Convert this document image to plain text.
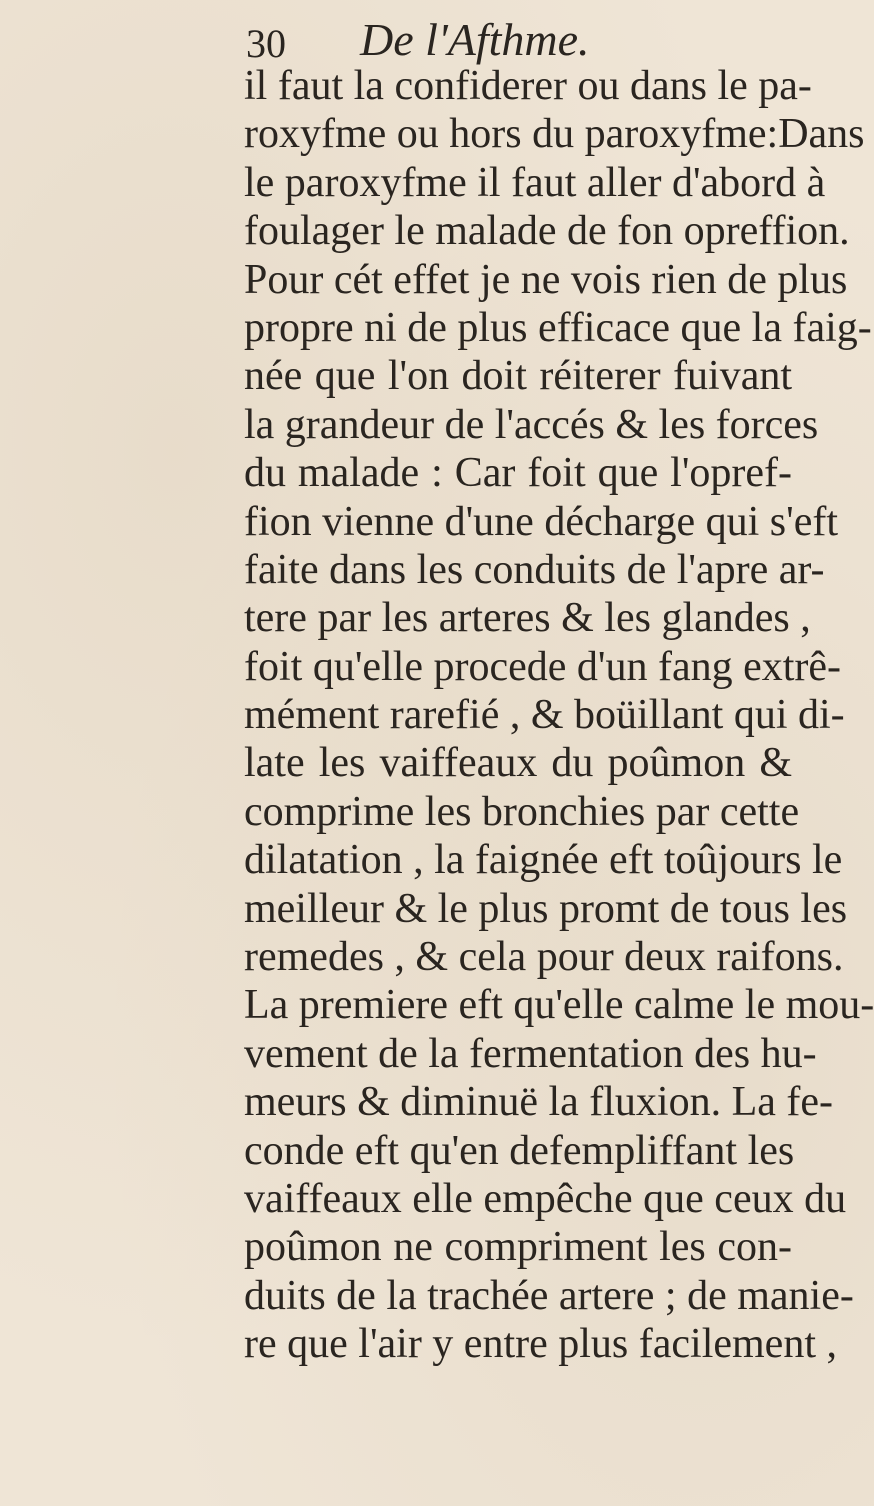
30 De l'Afthme.
il faut la confiderer ou dans le pa-
roxyfme ou hors du paroxyfme:Dans
le paroxyfme il faut aller d'abord à
foulager le malade de fon opreffion.
Pour cét effet je ne vois rien de plus
propre ni de plus efficace que la faig-
née que l'on doit réiterer fuivant
la grandeur de l'accés & les forces
du malade : Car foit que l'opref-
fion vienne d'une décharge qui s'eft
faite dans les conduits de l'apre ar-
tere par les arteres & les glandes ,
foit qu'elle procede d'un fang extrê-
mément rarefié , & boüillant qui di-
late les vaiffeaux du poûmon &
comprime les bronchies par cette
dilatation , la faignée eft toûjours le
meilleur & le plus promt de tous les
remedes , & cela pour deux raifons.
La premiere eft qu'elle calme le mou-
vement de la fermentation des hu-
meurs & diminuë la fluxion. La fe-
conde eft qu'en defempliffant les
vaiffeaux elle empêche que ceux du
poûmon ne compriment les con-
duits de la trachée artere ; de manie-
re que l'air y entre plus facilement ,
